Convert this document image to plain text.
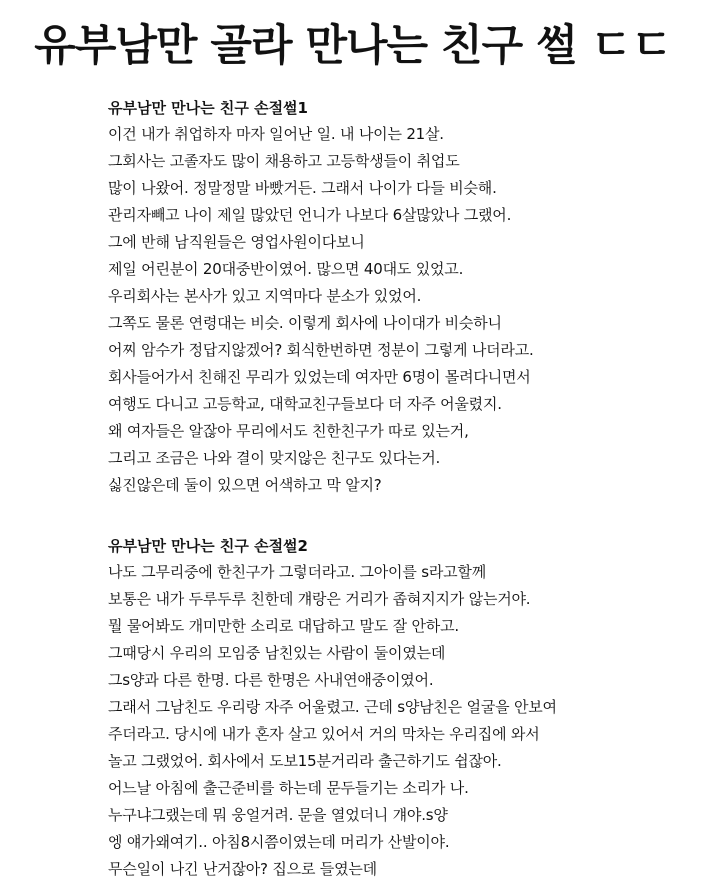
유부남만 골라 만나는 친구 썰 ㄷㄷ
유부남만 만나는 친구 손절썰1
이건 내가 취업하자 마자 일어난 일. 내 나이는 21살.
그회사는 고졸자도 많이 채용하고 고등학생들이 취업도
많이 나왔어. 정말정말 바빴거든. 그래서 나이가 다들 비슷해.
관리자빼고 나이 제일 많았던 언니가 나보다 6살많았나 그랬어.
그에 반해 남직원들은 영업사원이다보니
제일 어린분이 20대중반이였어. 많으면 40대도 있었고.
우리회사는 본사가 있고 지역마다 분소가 있었어.
그쪽도 물론 연령대는 비슷. 이렇게 회사에 나이대가 비슷하니
어찌 암수가 정답지않겠어? 회식한번하면 정분이 그렇게 나더라고.
회사들어가서 친해진 무리가 있었는데 여자만 6명이 몰려다니면서
여행도 다니고 고등학교, 대학교친구들보다 더 자주 어울렸지.
왜 여자들은 알잖아 무리에서도 친한친구가 따로 있는거,
그리고 조금은 나와 결이 맞지않은 친구도 있다는거.
싫진않은데 둘이 있으면 어색하고 막 알지?
유부남만 만나는 친구 손절썰2
나도 그무리중에 한친구가 그렇더라고. 그아이를 s라고할께
보통은 내가 두루두루 친한데 걔랑은 거리가 좁혀지지가 않는거야.
뭘 물어봐도 개미만한 소리로 대답하고 말도 잘 안하고.
그때당시 우리의 모임중 남친있는 사람이 둘이였는데
그s양과 다른 한명. 다른 한명은 사내연애중이였어.
그래서 그남친도 우리랑 자주 어울렸고. 근데 s양남친은 얼굴을 안보여
주더라고. 당시에 내가 혼자 살고 있어서 거의 막차는 우리집에 와서
놀고 그랬었어. 회사에서 도보15분거리라 출근하기도 쉽잖아.
어느날 아침에 출근준비를 하는데 문두들기는 소리가 나.
누구냐그랬는데 뭐 웅얼거려. 문을 열었더니 걔야.s양
엥 얘가왜여기.. 아침8시쯤이였는데 머리가 산발이야.
무슨일이 나긴 난거잖아? 집으로 들였는데
